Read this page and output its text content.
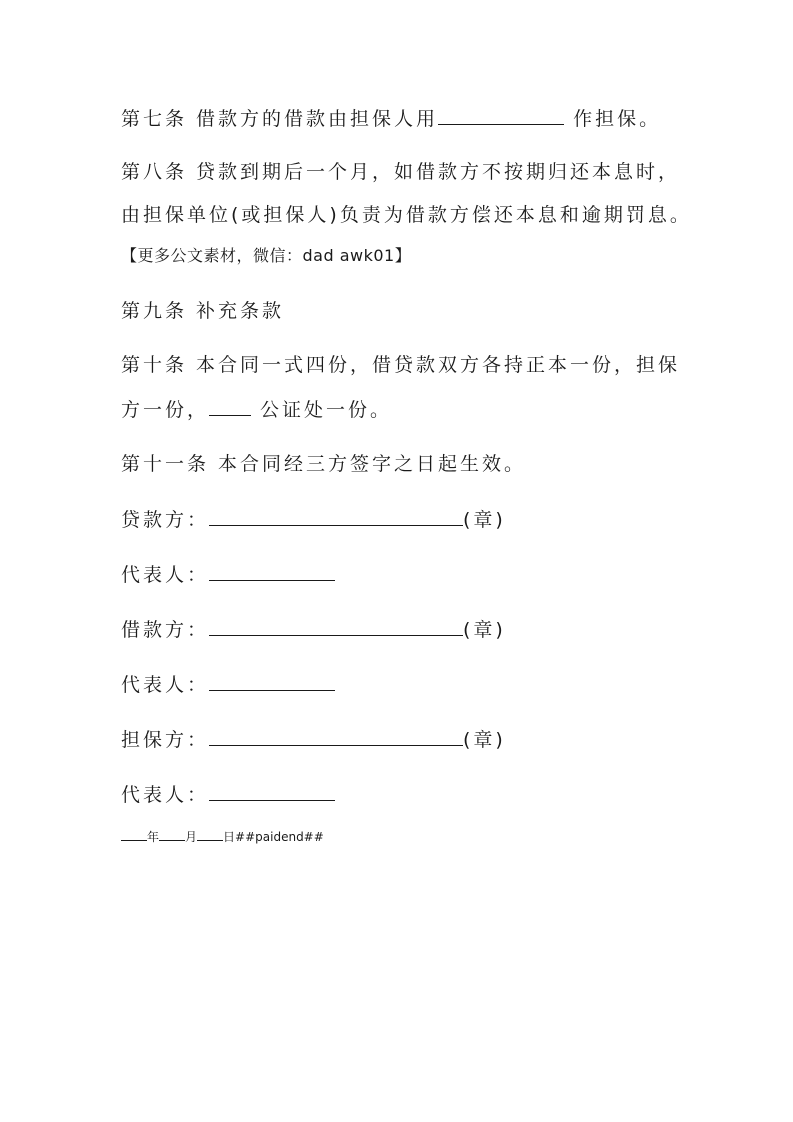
第七条 借款方的借款由担保人用	作担保。
第八条 贷款到期后一个月，如借款方不按期归还本息时，
由担保单位(或担保人)负责为借款方偿还本息和逾期罚息。
【更多公文素材，微信：dad awk01】
第九条 补充条款
第十条 本合同一式四份，借贷款双方各持正本一份，担保
方一份， 公证处一份。
第十一条 本合同经三方签字之日起生效。
贷款方：	(章)
代表人：
借款方：	(章)
代表人：
担保方：	(章)
代表人：
年 月 日##paidend##
